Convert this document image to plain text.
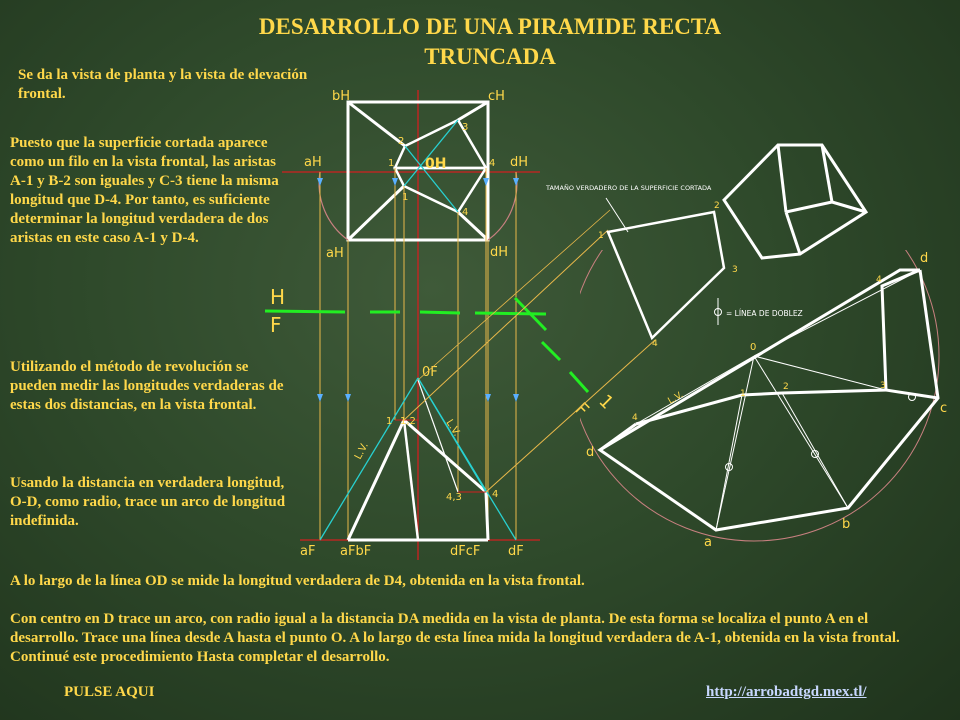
DESARROLLO DE UNA PIRAMIDE RECTA
TRUNCADA
Se da la vista de planta y la vista de elevación frontal.
Puesto que la superficie cortada aparece como un filo en la vista frontal, las aristas A-1 y B-2 son iguales y C-3 tiene la misma longitud que D-4. Por tanto, es suficiente determinar la longitud verdadera de dos aristas en este caso A-1 y D-4.
Utilizando el método de revolución se pueden medir las longitudes verdaderas de estas dos distancias, en la vista frontal.
Usando la distancia en verdadera longitud, O-D, como radio, trace un arco de longitud indefinida.
A lo largo de la línea OD se mide la longitud verdadera de D4, obtenida en la vista frontal.
Con centro en D trace un arco, con radio igual a la distancia DA medida en la vista de planta. De esta forma se localiza el punto A en el desarrollo. Trace una línea desde A hasta el punto O. A lo largo de esta línea mida la longitud verdadera de A-1, obtenida en la vista frontal. Continué este procedimiento Hasta completar el desarrollo.
PULSE AQUI	http://arrobadtgd.mex.tl/
bH	cH
aH	dH
aH	dH
0H
1
2
3
4
1
4
H
F
1
F
0F
1,2
1
L.V.
L.V.
4,3	4
aF aFbF	dFcF dF
TAMAÑO VERDADERO DE LA SUPERFICIE CORTADA
1
2
3
4
= LÍNEA DE DOBLEZ
0
1
2	3
4
4
L.V.
d
c
b
a
d
